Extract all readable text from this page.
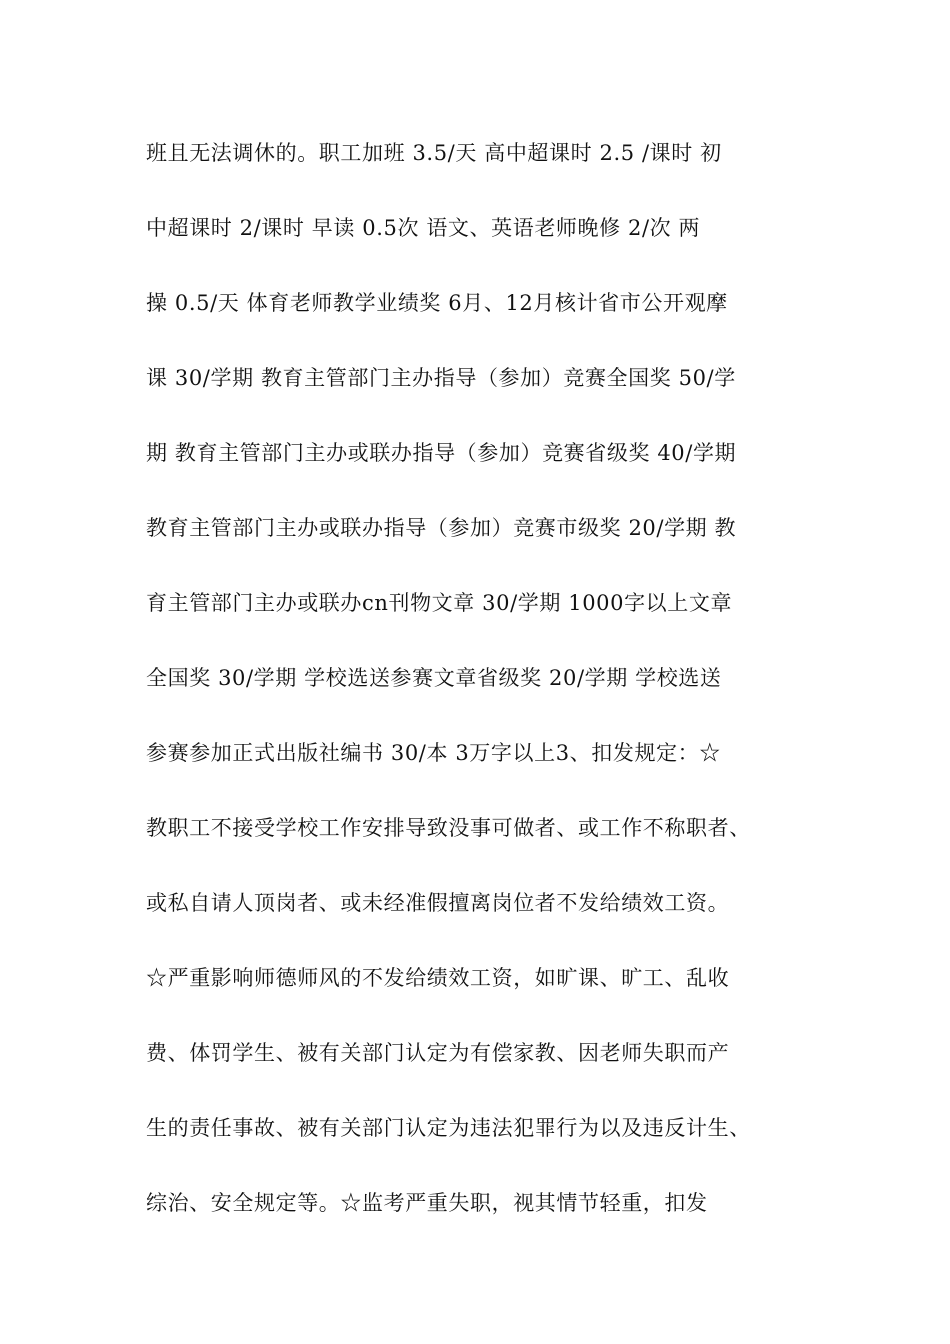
班且无法调休的。职工加班 3.5/天 高中超课时 2.5 /课时 初
中超课时 2/课时 早读 0.5次 语文、英语老师晚修 2/次 两
操 0.5/天 体育老师教学业绩奖 6月、12月核计省市公开观摩
课 30/学期 教育主管部门主办指导（参加）竞赛全国奖 50/学
期 教育主管部门主办或联办指导（参加）竞赛省级奖 40/学期
教育主管部门主办或联办指导（参加）竞赛市级奖 20/学期 教
育主管部门主办或联办cn刊物文章 30/学期 1000字以上文章
全国奖 30/学期 学校选送参赛文章省级奖 20/学期 学校选送
参赛参加正式出版社编书 30/本 3万字以上3、扣发规定：☆
教职工不接受学校工作安排导致没事可做者、或工作不称职者、
或私自请人顶岗者、或未经准假擅离岗位者不发给绩效工资。
☆严重影响师德师风的不发给绩效工资，如旷课、旷工、乱收
费、体罚学生、被有关部门认定为有偿家教、因老师失职而产
生的责任事故、被有关部门认定为违法犯罪行为以及违反计生、
综治、安全规定等。☆监考严重失职，视其情节轻重，扣发
